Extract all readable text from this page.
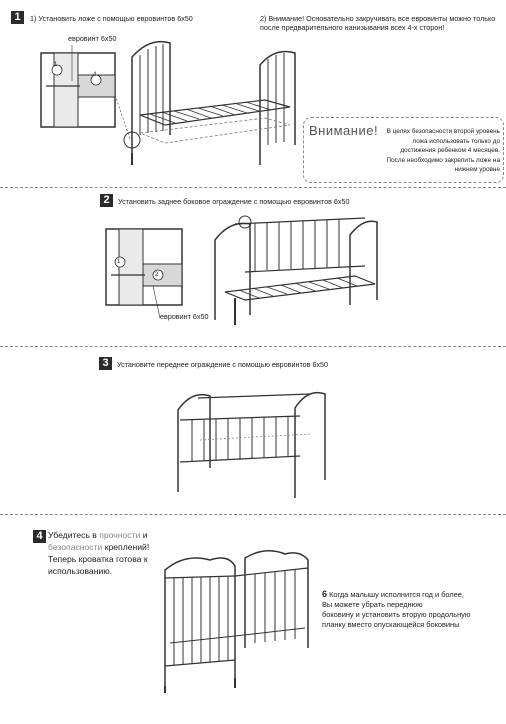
1	1) Установить ложе с помощью евровинтов 6х50	2) Внимание! Основательно закручивать все евровинты можно только после предварительного нанизывания всех 4-х сторон!
1
4
евровинт 6х50
Внимание!	В целях безопасности второй уровень ложа использовать только до достижения ребенком 4 месяцев. После необходимо закрепить ложе на нижнем уровне
2	Установить заднее боковое ограждение с помощью евровинтов 6х50
1
2
евровинт 6х50
3	Установите переднее ограждение с помощью евровинтов 6х50
4 Убедитесь в прочности и
безопасности креплений!
Теперь кроватка готова к
использованию.
6 Когда малышу исполнится год и более,
Вы можете убрать переднюю
боковину и установить вторую продольную
планку вместо опускающейся боковины
